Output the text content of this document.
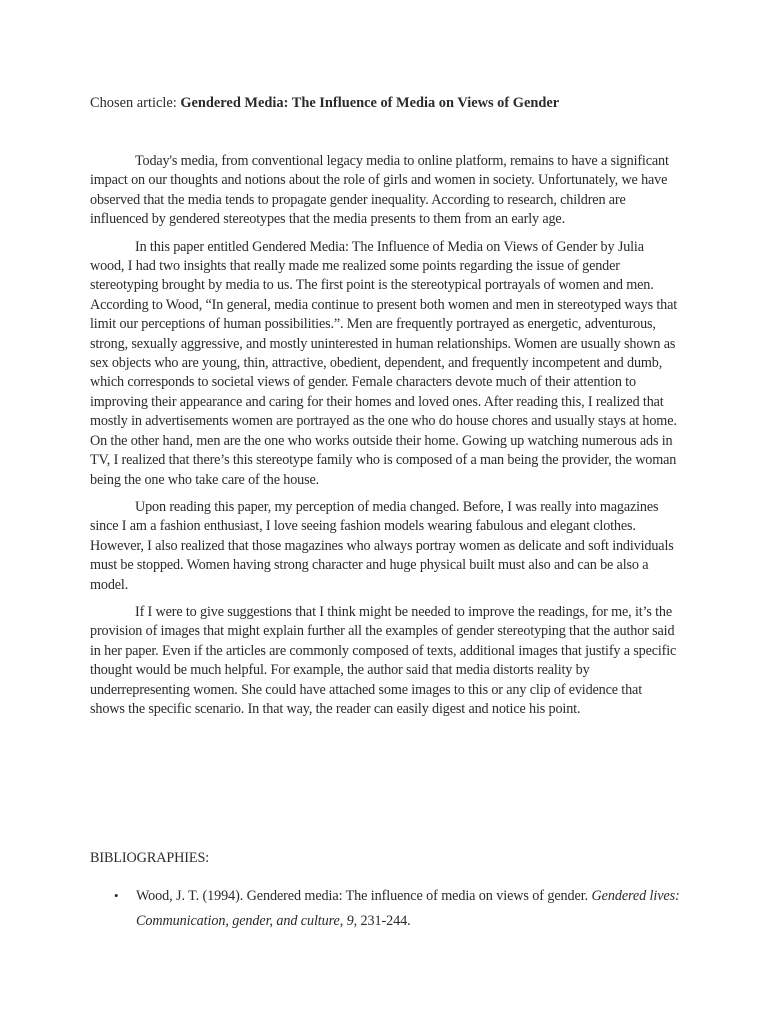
Chosen article: Gendered Media: The Influence of Media on Views of Gender

Today's media, from conventional legacy media to online platform, remains to have a significant impact on our thoughts and notions about the role of girls and women in society. Unfortunately, we have observed that the media tends to propagate gender inequality. According to research, children are influenced by gendered stereotypes that the media presents to them from an early age.

In this paper entitled Gendered Media: The Influence of Media on Views of Gender by Julia wood, I had two insights that really made me realized some points regarding the issue of gender stereotyping brought by media to us. The first point is the stereotypical portrayals of women and men. According to Wood, “In general, media continue to present both women and men in stereotyped ways that limit our perceptions of human possibilities.”. Men are frequently portrayed as energetic, adventurous, strong, sexually aggressive, and mostly uninterested in human relationships. Women are usually shown as sex objects who are young, thin, attractive, obedient, dependent, and frequently incompetent and dumb, which corresponds to societal views of gender. Female characters devote much of their attention to improving their appearance and caring for their homes and loved ones. After reading this, I realized that mostly in advertisements women are portrayed as the one who do house chores and usually stays at home. On the other hand, men are the one who works outside their home. Gowing up watching numerous ads in TV, I realized that there’s this stereotype family who is composed of a man being the provider, the woman being the one who take care of the house.

Upon reading this paper, my perception of media changed. Before, I was really into magazines since I am a fashion enthusiast, I love seeing fashion models wearing fabulous and elegant clothes. However, I also realized that those magazines who always portray women as delicate and soft individuals must be stopped. Women having strong character and huge physical built must also and can be also a model.

If I were to give suggestions that I think might be needed to improve the readings, for me, it’s the provision of images that might explain further all the examples of gender stereotyping that the author said in her paper. Even if the articles are commonly composed of texts, additional images that justify a specific thought would be much helpful. For example, the author said that media distorts reality by underrepresenting women. She could have attached some images to this or any clip of evidence that shows the specific scenario. In that way, the reader can easily digest and notice his point.

BIBLIOGRAPHIES:
• Wood, J. T. (1994). Gendered media: The influence of media on views of gender. Gendered lives: Communication, gender, and culture, 9, 231-244.
